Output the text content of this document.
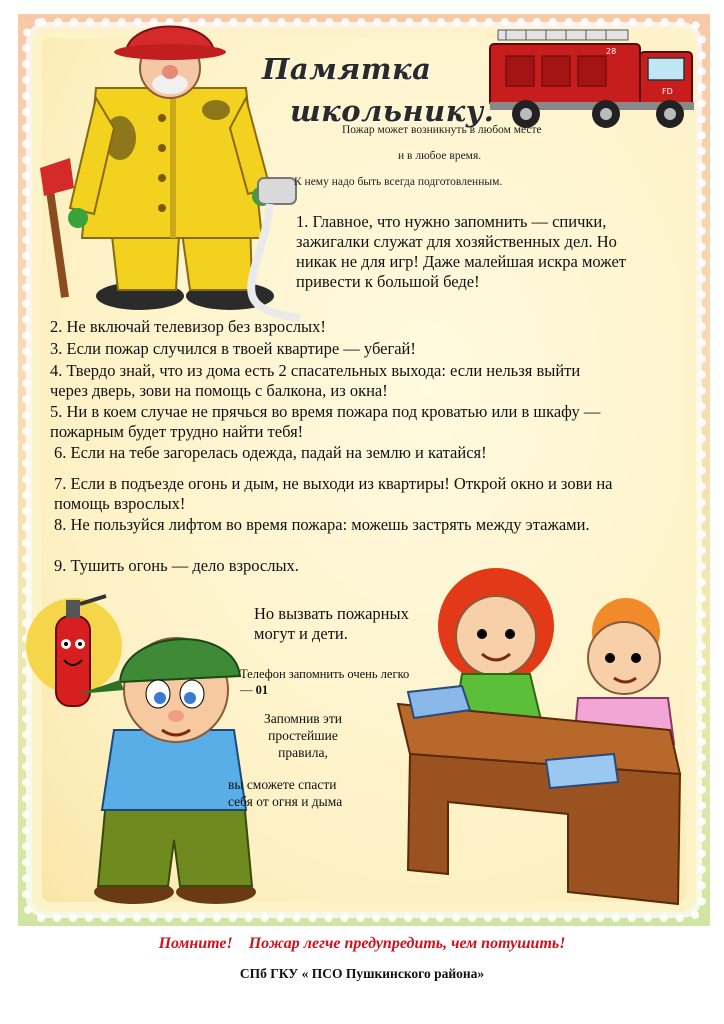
28
FD
Памятка
школьнику.
Пожар может возникнуть в любом месте
и в любое время.
К нему надо быть всегда подготовленным.
1. Главное, что нужно запомнить — спички, зажигалки служат для хозяйственных дел. Но никак не для игр! Даже малейшая искра может привести к большой беде!
2. Не включай телевизор без взрослых!
3. Если пожар случился в твоей квартире — убегай!
4. Твердо знай, что из дома есть 2 спасательных выхода: если нельзя выйти через дверь, зови на помощь с балкона, из окна!
5. Ни в коем случае не прячься во время пожара под кроватью или в шкафу — пожарным будет трудно найти тебя!
6. Если на тебе загорелась одежда, падай на землю и катайся!
7. Если в подъезде огонь и дым, не выходи из квартиры! Открой окно и зови на помощь взрослых!
8. Не пользуйся лифтом во время пожара: можешь застрять между этажами.
9. Тушить огонь — дело взрослых.
Но вызвать пожарных могут и дети.
Телефон запомнить очень легко — 01
Запомнив эти простейшие правила,
вы сможете спасти себя от огня и дыма
Помните! Пожар легче предупредить, чем потушить!
СПб ГКУ « ПСО Пушкинского района»
